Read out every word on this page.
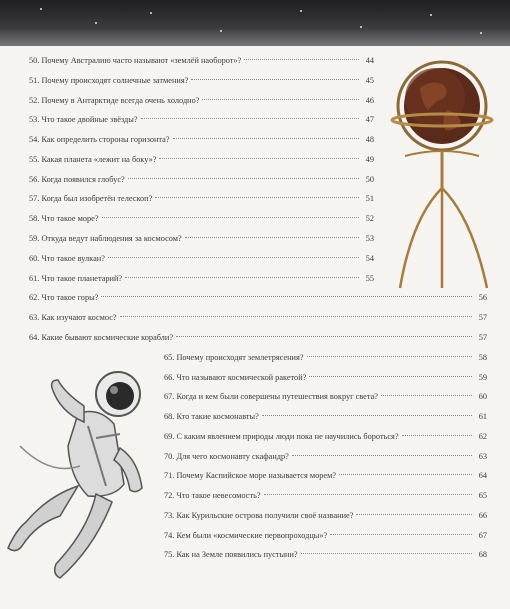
50. Почему Австралию часто называют «землёй наоборот»?	44
51. Почему происходят солнечные затмения?	45
52. Почему в Антарктиде всегда очень холодно?	46
53. Что такое двойные звёзды?	47
54. Как определить стороны горизонта?	48
55. Какая планета «лежит на боку»?	49
56. Когда появился глобус?	50
57. Когда был изобретён телескоп?	51
58. Что такое море?	52
59. Откуда ведут наблюдения за космосом?	53
60. Что такое вулкан?	54
61. Что такое планетарий?	55
62. Что такое горы?	56
63. Как изучают космос?	57
64. Какие бывают космические корабли?	57
65. Почему происходят землетрясения?	58
66. Что называют космической ракетой?	59
67. Когда и кем были совершены путешествия вокруг света?	60
68. Кто такие космонавты?	61
69. С каким явлением природы люди пока не научились бороться?	62
70. Для чего космонавту скафандр?	63
71. Почему Каспийское море называется морем?	64
72. Что такое невесомость?	65
73. Как Курильские острова получили своё название?	66
74. Кем были «космические первопроходцы»?	67
75. Как на Земле появились пустыни?	68
